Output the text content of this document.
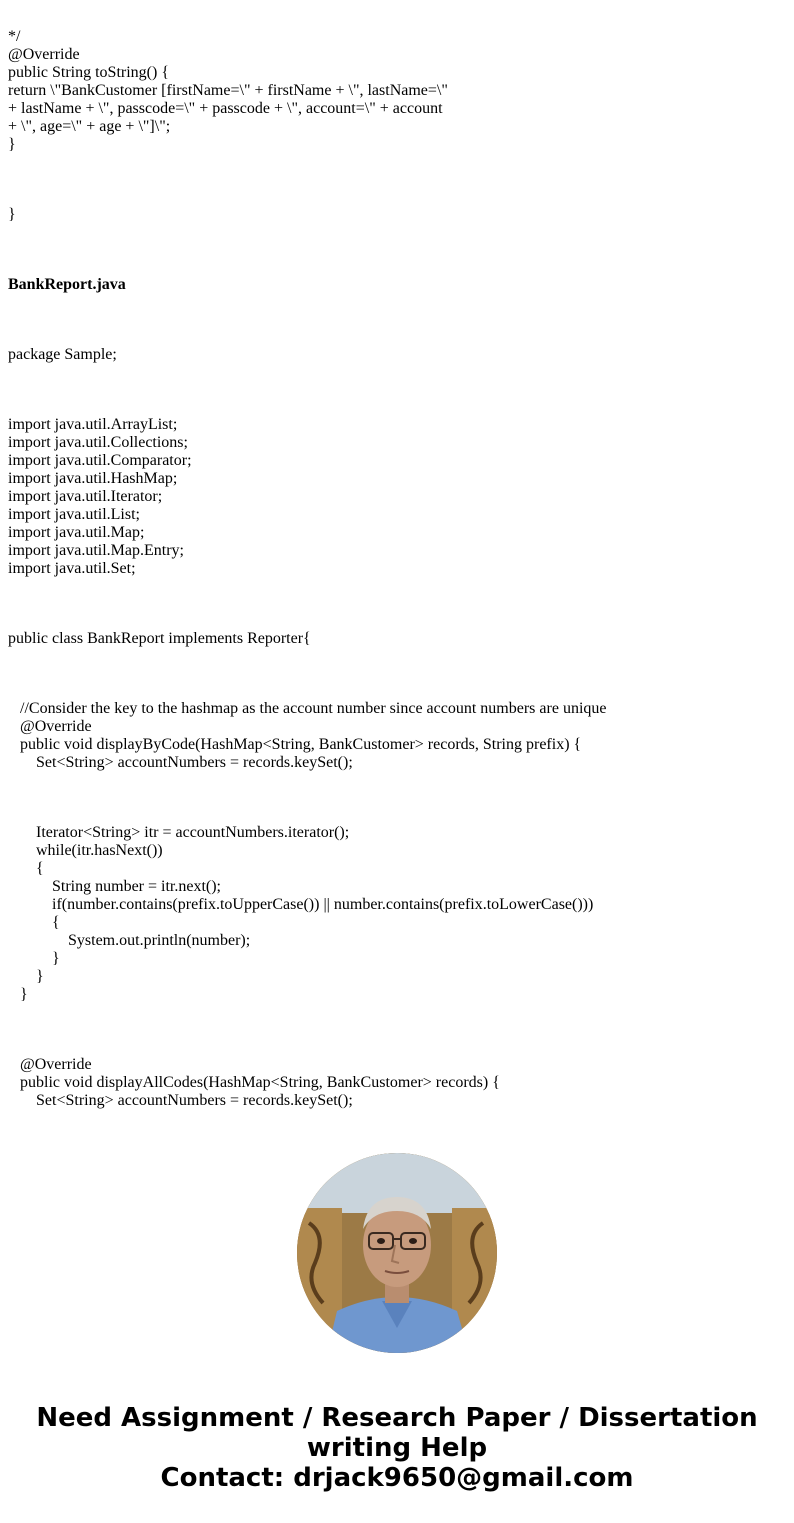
*/
@Override
public String toString() {
return \"BankCustomer [firstName=\" + firstName + \", lastName=\"
+ lastName + \", passcode=\" + passcode + \", account=\" + account
+ \", age=\" + age + \"]\";
}

}

BankReport.java

package Sample;

import java.util.ArrayList;
import java.util.Collections;
import java.util.Comparator;
import java.util.HashMap;
import java.util.Iterator;
import java.util.List;
import java.util.Map;
import java.util.Map.Entry;
import java.util.Set;

public class BankReport implements Reporter{

//Consider the key to the hashmap as the account number since account numbers are unique
@Override
public void displayByCode(HashMap<String, BankCustomer> records, String prefix) {
Set<String> accountNumbers = records.keySet();

Iterator<String> itr = accountNumbers.iterator();
while(itr.hasNext())
{
String number = itr.next();
if(number.contains(prefix.toUpperCase()) || number.contains(prefix.toLowerCase()))
{
System.out.println(number);
}
}
}

@Override
public void displayAllCodes(HashMap<String, BankCustomer> records) {
Set<String> accountNumbers = records.keySet();

Need Assignment / Research Paper / Dissertation
writing Help
Contact: drjack9650@gmail.com
